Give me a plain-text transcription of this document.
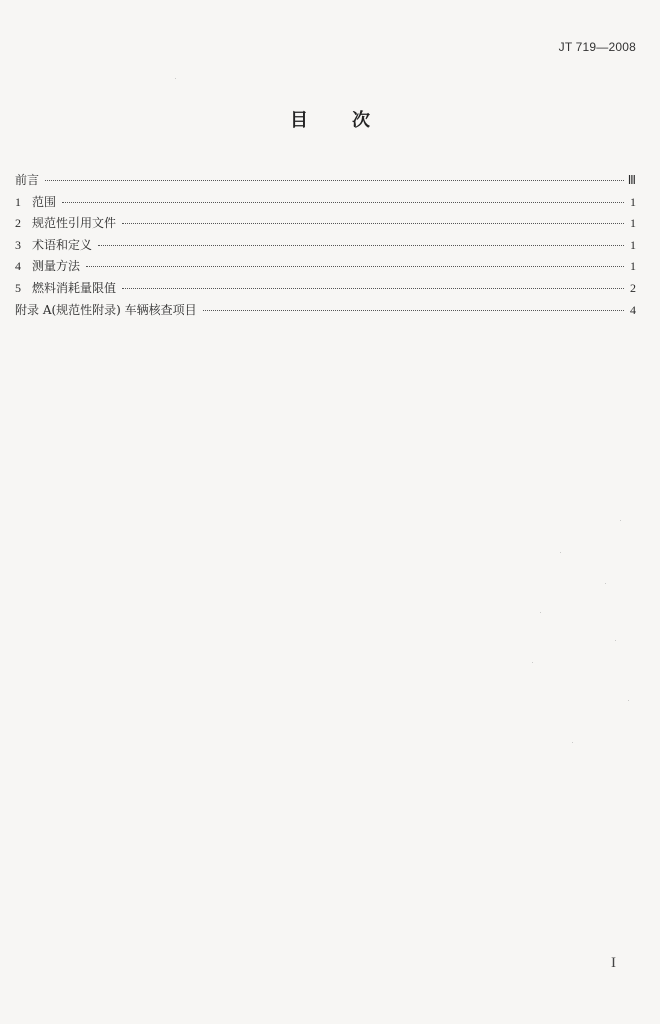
JT 719—2008
目 次
前言	Ⅲ
1 范围	1
2 规范性引用文件	1
3 术语和定义	1
4 测量方法	1
5 燃料消耗量限值	2
附录 A(规范性附录) 车辆核查项目	4
I
